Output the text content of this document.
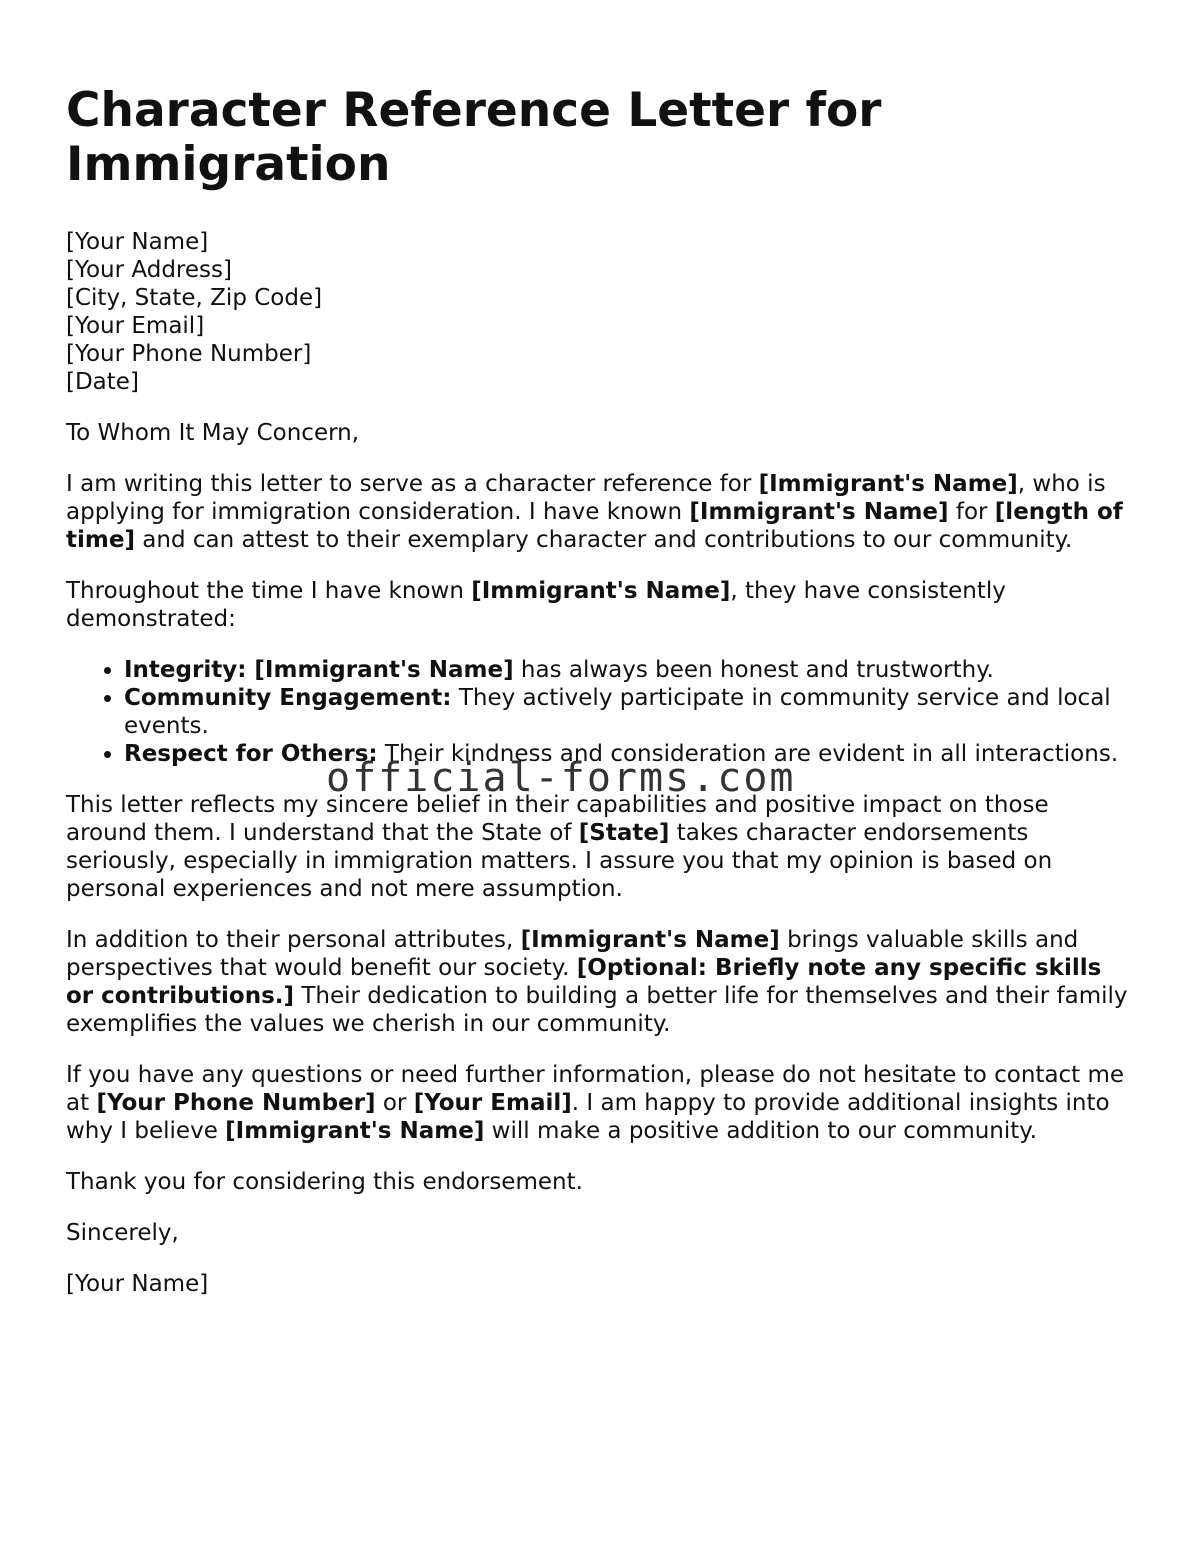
Character Reference Letter for Immigration
[Your Name]
[Your Address]
[City, State, Zip Code]
[Your Email]
[Your Phone Number]
[Date]

To Whom It May Concern,

I am writing this letter to serve as a character reference for [Immigrant's Name], who is applying for immigration consideration. I have known [Immigrant's Name] for [length of time] and can attest to their exemplary character and contributions to our community.

Throughout the time I have known [Immigrant's Name], they have consistently demonstrated:

• Integrity: [Immigrant's Name] has always been honest and trustworthy.
• Community Engagement: They actively participate in community service and local events.
• Respect for Others: Their kindness and consideration are evident in all interactions.

This letter reflects my sincere belief in their capabilities and positive impact on those around them. I understand that the State of [State] takes character endorsements seriously, especially in immigration matters. I assure you that my opinion is based on personal experiences and not mere assumption.

In addition to their personal attributes, [Immigrant's Name] brings valuable skills and perspectives that would benefit our society. [Optional: Briefly note any specific skills or contributions.] Their dedication to building a better life for themselves and their family exemplifies the values we cherish in our community.

If you have any questions or need further information, please do not hesitate to contact me at [Your Phone Number] or [Your Email]. I am happy to provide additional insights into why I believe [Immigrant's Name] will make a positive addition to our community.

Thank you for considering this endorsement.

Sincerely,

[Your Name]

official-forms.com
